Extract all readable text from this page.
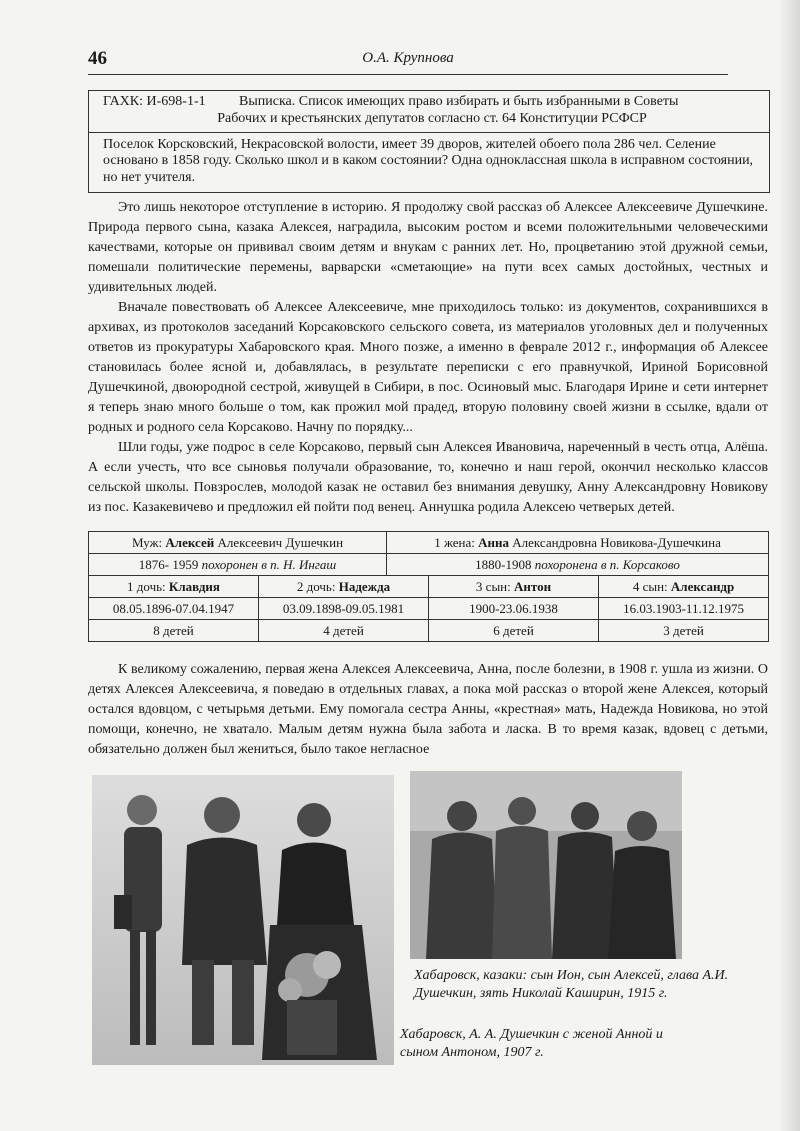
46	О.А. Крупнова
ГАХК: И-698-1-1 Выписка. Список имеющих право избирать и быть избранными в Советы
Рабочих и крестьянских депутатов согласно ст. 64 Конституции РСФСР
Поселок Корсковский, Некрасовской волости, имеет 39 дворов, жителей обоего пола 286 чел. Селение основано в 1858 году. Сколько школ и в каком состоянии? Одна одноклассная школа в исправном состоянии, но нет учителя.

Это лишь некоторое отступление в историю. Я продолжу свой рассказ об Алексее Алексеевиче Душечкине. Природа первого сына, казака Алексея, наградила, высоким ростом и всеми положительными человеческими качествами, которые он прививал своим детям и внукам с ранних лет. Но, процветанию этой дружной семьи, помешали политические перемены, варварски «сметающие» на пути всех самых достойных, честных и удивительных людей.

Вначале повествовать об Алексее Алексеевиче, мне приходилось только: из документов, сохранившихся в архивах, из протоколов заседаний Корсаковского сельского совета, из материалов уголовных дел и полученных ответов из прокуратуры Хабаровского края. Много позже, а именно в феврале 2012 г., информация об Алексее становилась более ясной и, добавлялась, в результате переписки с его правнучкой, Ириной Борисовной Душечкиной, двоюродной сестрой, живущей в Сибири, в пос. Осиновый мыс. Благодаря Ирине и сети интернет я теперь знаю много больше о том, как прожил мой прадед, вторую половину своей жизни в ссылке, вдали от родных и родного села Корсаково. Начну по порядку...

Шли годы, уже подрос в селе Корсаково, первый сын Алексея Ивановича, нареченный в честь отца, Алёша. А если учесть, что все сыновья получали образование, то, конечно и наш герой, окончил несколько классов сельской школы. Повзрослев, молодой казак не оставил без внимания девушку, Анну Александровну Новикову из пос. Казакевичево и предложил ей пойти под венец. Аннушка родила Алексею четверых детей.

Муж: Алексей Алексеевич Душечкин		1 жена: Анна Александровна Новикова-Душечкина		
1876- 1959 похоронен в п. Н. Ингаш		1880-1908 похоронена в п. Корсаково		
1 дочь: Клавдия	2 дочь: Надежда		3 сын: Антон	4 сын: Александр
08.05.1896-07.04.1947	03.09.1898-09.05.1981		1900-23.06.1938	16.03.1903-11.12.1975
8 детей	4 детей		6 детей	3 детей

К великому сожалению, первая жена Алексея Алексеевича, Анна, после болезни, в 1908 г. ушла из жизни. О детях Алексея Алексеевича, я поведаю в отдельных главах, а пока мой рассказ о второй жене Алексея, который остался вдовцом, с четырьмя детьми. Ему помогала сестра Анны, «крестная» мать, Надежда Новикова, но этой помощи, конечно, не хватало. Малым детям нужна была забота и ласка. В то время казак, вдовец с детьми, обязательно должен был жениться, было такое негласное

Хабаровск, казаки: сын Ион, сын Алексей, глава А.И. Душечкин, зять Николай Каширин, 1915 г.
Хабаровск, А. А. Душечкин с женой Анной и сыном Антоном, 1907 г.
